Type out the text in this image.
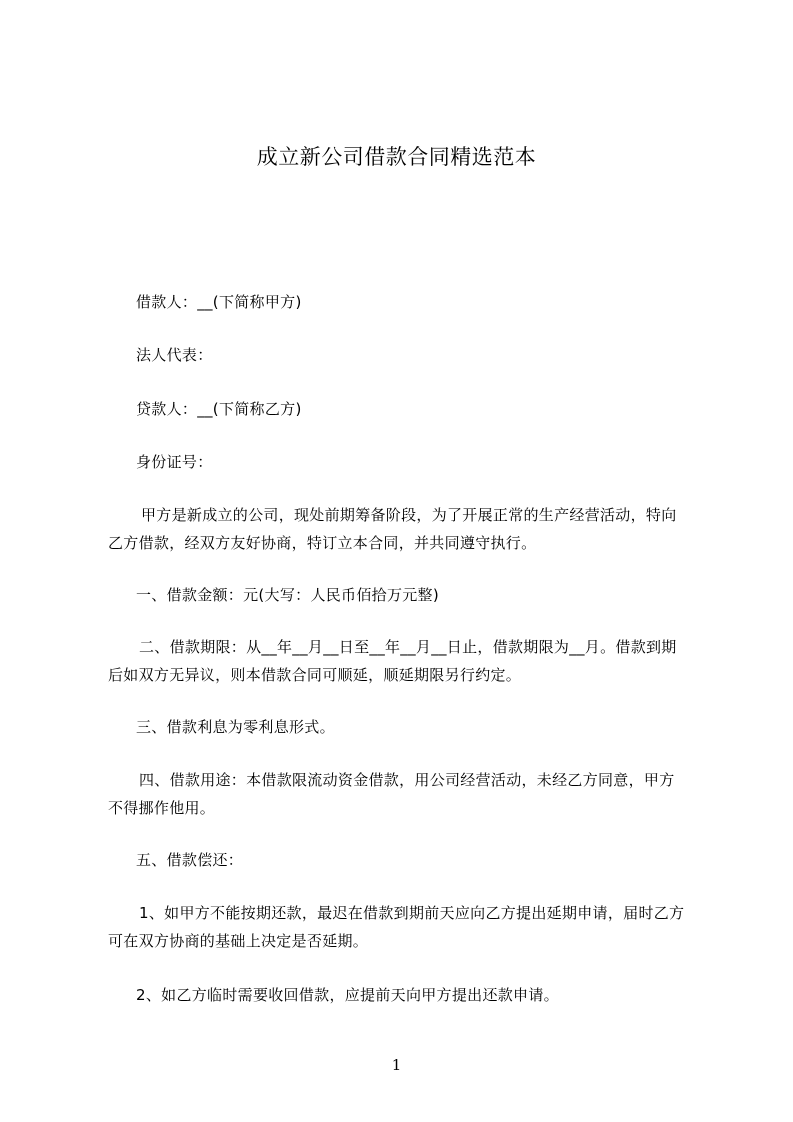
成立新公司借款合同精选范本
借款人：__(下简称甲方)
法人代表：
贷款人：__(下简称乙方)
身份证号：
甲方是新成立的公司，现处前期筹备阶段，为了开展正常的生产经营活动，特向
乙方借款，经双方友好协商，特订立本合同，并共同遵守执行。
一、借款金额：元(大写：人民币佰拾万元整)
二、借款期限：从__年__月__日至__年__月__日止，借款期限为__月。借款到期
后如双方无异议，则本借款合同可顺延，顺延期限另行约定。
三、借款利息为零利息形式。
四、借款用途：本借款限流动资金借款，用公司经营活动，未经乙方同意，甲方
不得挪作他用。
五、借款偿还：
1、如甲方不能按期还款，最迟在借款到期前天应向乙方提出延期申请，届时乙方
可在双方协商的基础上决定是否延期。
2、如乙方临时需要收回借款，应提前天向甲方提出还款申请。
1
